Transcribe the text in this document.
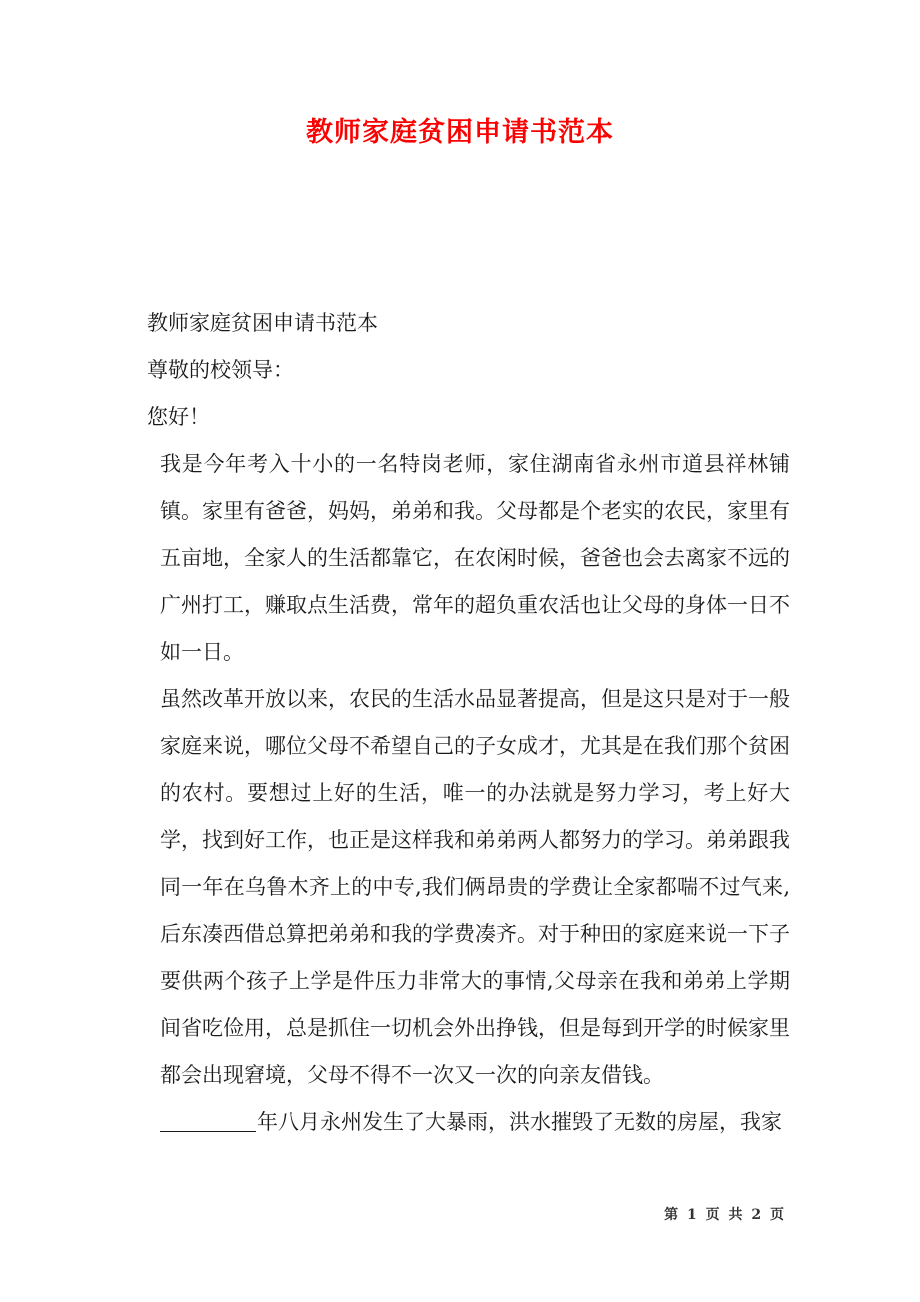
教师家庭贫困申请书范本

教师家庭贫困申请书范本

尊敬的校领导：

您好！

我是今年考入十小的一名特岗老师，家住湖南省永州市道县祥林铺镇。家里有爸爸，妈妈，弟弟和我。父母都是个老实的农民，家里有五亩地，全家人的生活都靠它，在农闲时候，爸爸也会去离家不远的广州打工，赚取点生活费，常年的超负重农活也让父母的身体一日不如一日。

虽然改革开放以来，农民的生活水品显著提高，但是这只是对于一般家庭来说，哪位父母不希望自己的子女成才，尤其是在我们那个贫困的农村。要想过上好的生活，唯一的办法就是努力学习，考上好大学，找到好工作，也正是这样我和弟弟两人都努力的学习。弟弟跟我同一年在乌鲁木齐上的中专,我们俩昂贵的学费让全家都喘不过气来,后东凑西借总算把弟弟和我的学费凑齐。对于种田的家庭来说一下子要供两个孩子上学是件压力非常大的事情,父母亲在我和弟弟上学期间省吃俭用，总是抓住一切机会外出挣钱，但是每到开学的时候家里都会出现窘境，父母不得不一次又一次的向亲友借钱。

年八月永州发生了大暴雨，洪水摧毁了无数的房屋，我家

第 1 页 共 2 页
